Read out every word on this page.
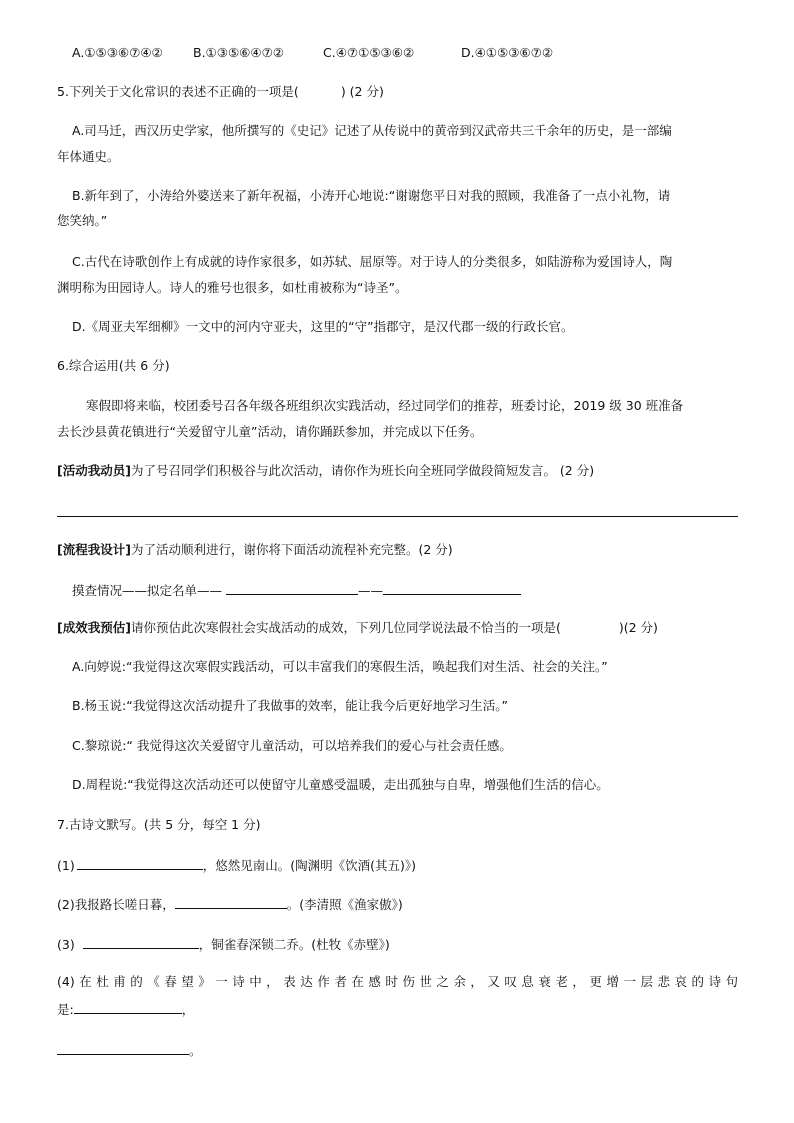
A.①⑤③⑥⑦④② B.①③⑤⑥④⑦②	C.④⑦①⑤③⑥②	D.④①⑤③⑥⑦②
5.下列关于文化常识的表述不正确的一项是(	) (2 分)
A.司马迁，西汉历史学家，他所撰写的《史记》记述了从传说中的黄帝到汉武帝共三千余年的历史，是一部编
年体通史。
B.新年到了，小涛给外婆送来了新年祝福，小涛开心地说:“谢谢您平日对我的照顾，我准备了一点小礼物，请
您笑纳。”
C.古代在诗歌创作上有成就的诗作家很多，如苏轼、屈原等。对于诗人的分类很多，如陆游称为爱国诗人，陶
渊明称为田园诗人。诗人的雅号也很多，如杜甫被称为“诗圣”。
D.《周亚夫军细柳》一文中的河内守亚夫，这里的“守”指郡守，是汉代郡一级的行政长官。
6.综合运用(共 6 分)
寒假即将来临，校团委号召各年级各班组织次实践活动，经过同学们的推荐，班委讨论，2019 级 30 班准备
去长沙县黄花镇进行“关爱留守儿童”活动，请你踊跃参加，并完成以下任务。
[活动我动员]为了号召同学们积极谷与此次活动，请你作为班长向全班同学做段简短发言。 (2 分)
[流程我设计]为了活动顺利进行，谢你将下面活动流程补充完整。(2 分)
摸查情况——拟定名单——	——
[成效我预估]请你预估此次寒假社会实战活动的成效，下列几位同学说法最不恰当的一项是(	)(2 分)
A.向婷说:“我觉得这次寒假实践活动，可以丰富我们的寒假生活，唤起我们对生活、社会的关注。”
B.杨玉说:“我觉得这次活动提升了我做事的效率，能让我今后更好地学习生活。”
C.黎琼说:“ 我觉得这次关爱留守儿童活动，可以培养我们的爱心与社会责任感。
D.周程说:“我觉得这次活动还可以使留守儿童感受温暖，走出孤独与自卑，增强他们生活的信心。
7.古诗文默写。(共 5 分，每空 1 分)
(1)	，悠然见南山。(陶渊明《饮酒(其五)》)
(2)我报路长嗟日暮，	。(李清照《渔家傲》)
(3)	，铜雀春深锁二乔。(杜牧《赤壁》)
(4)在杜甫的《春望》一诗中，表达作者在感时伤世之余，又叹息衰老，更增一层悲哀的诗句
是:	，
。
